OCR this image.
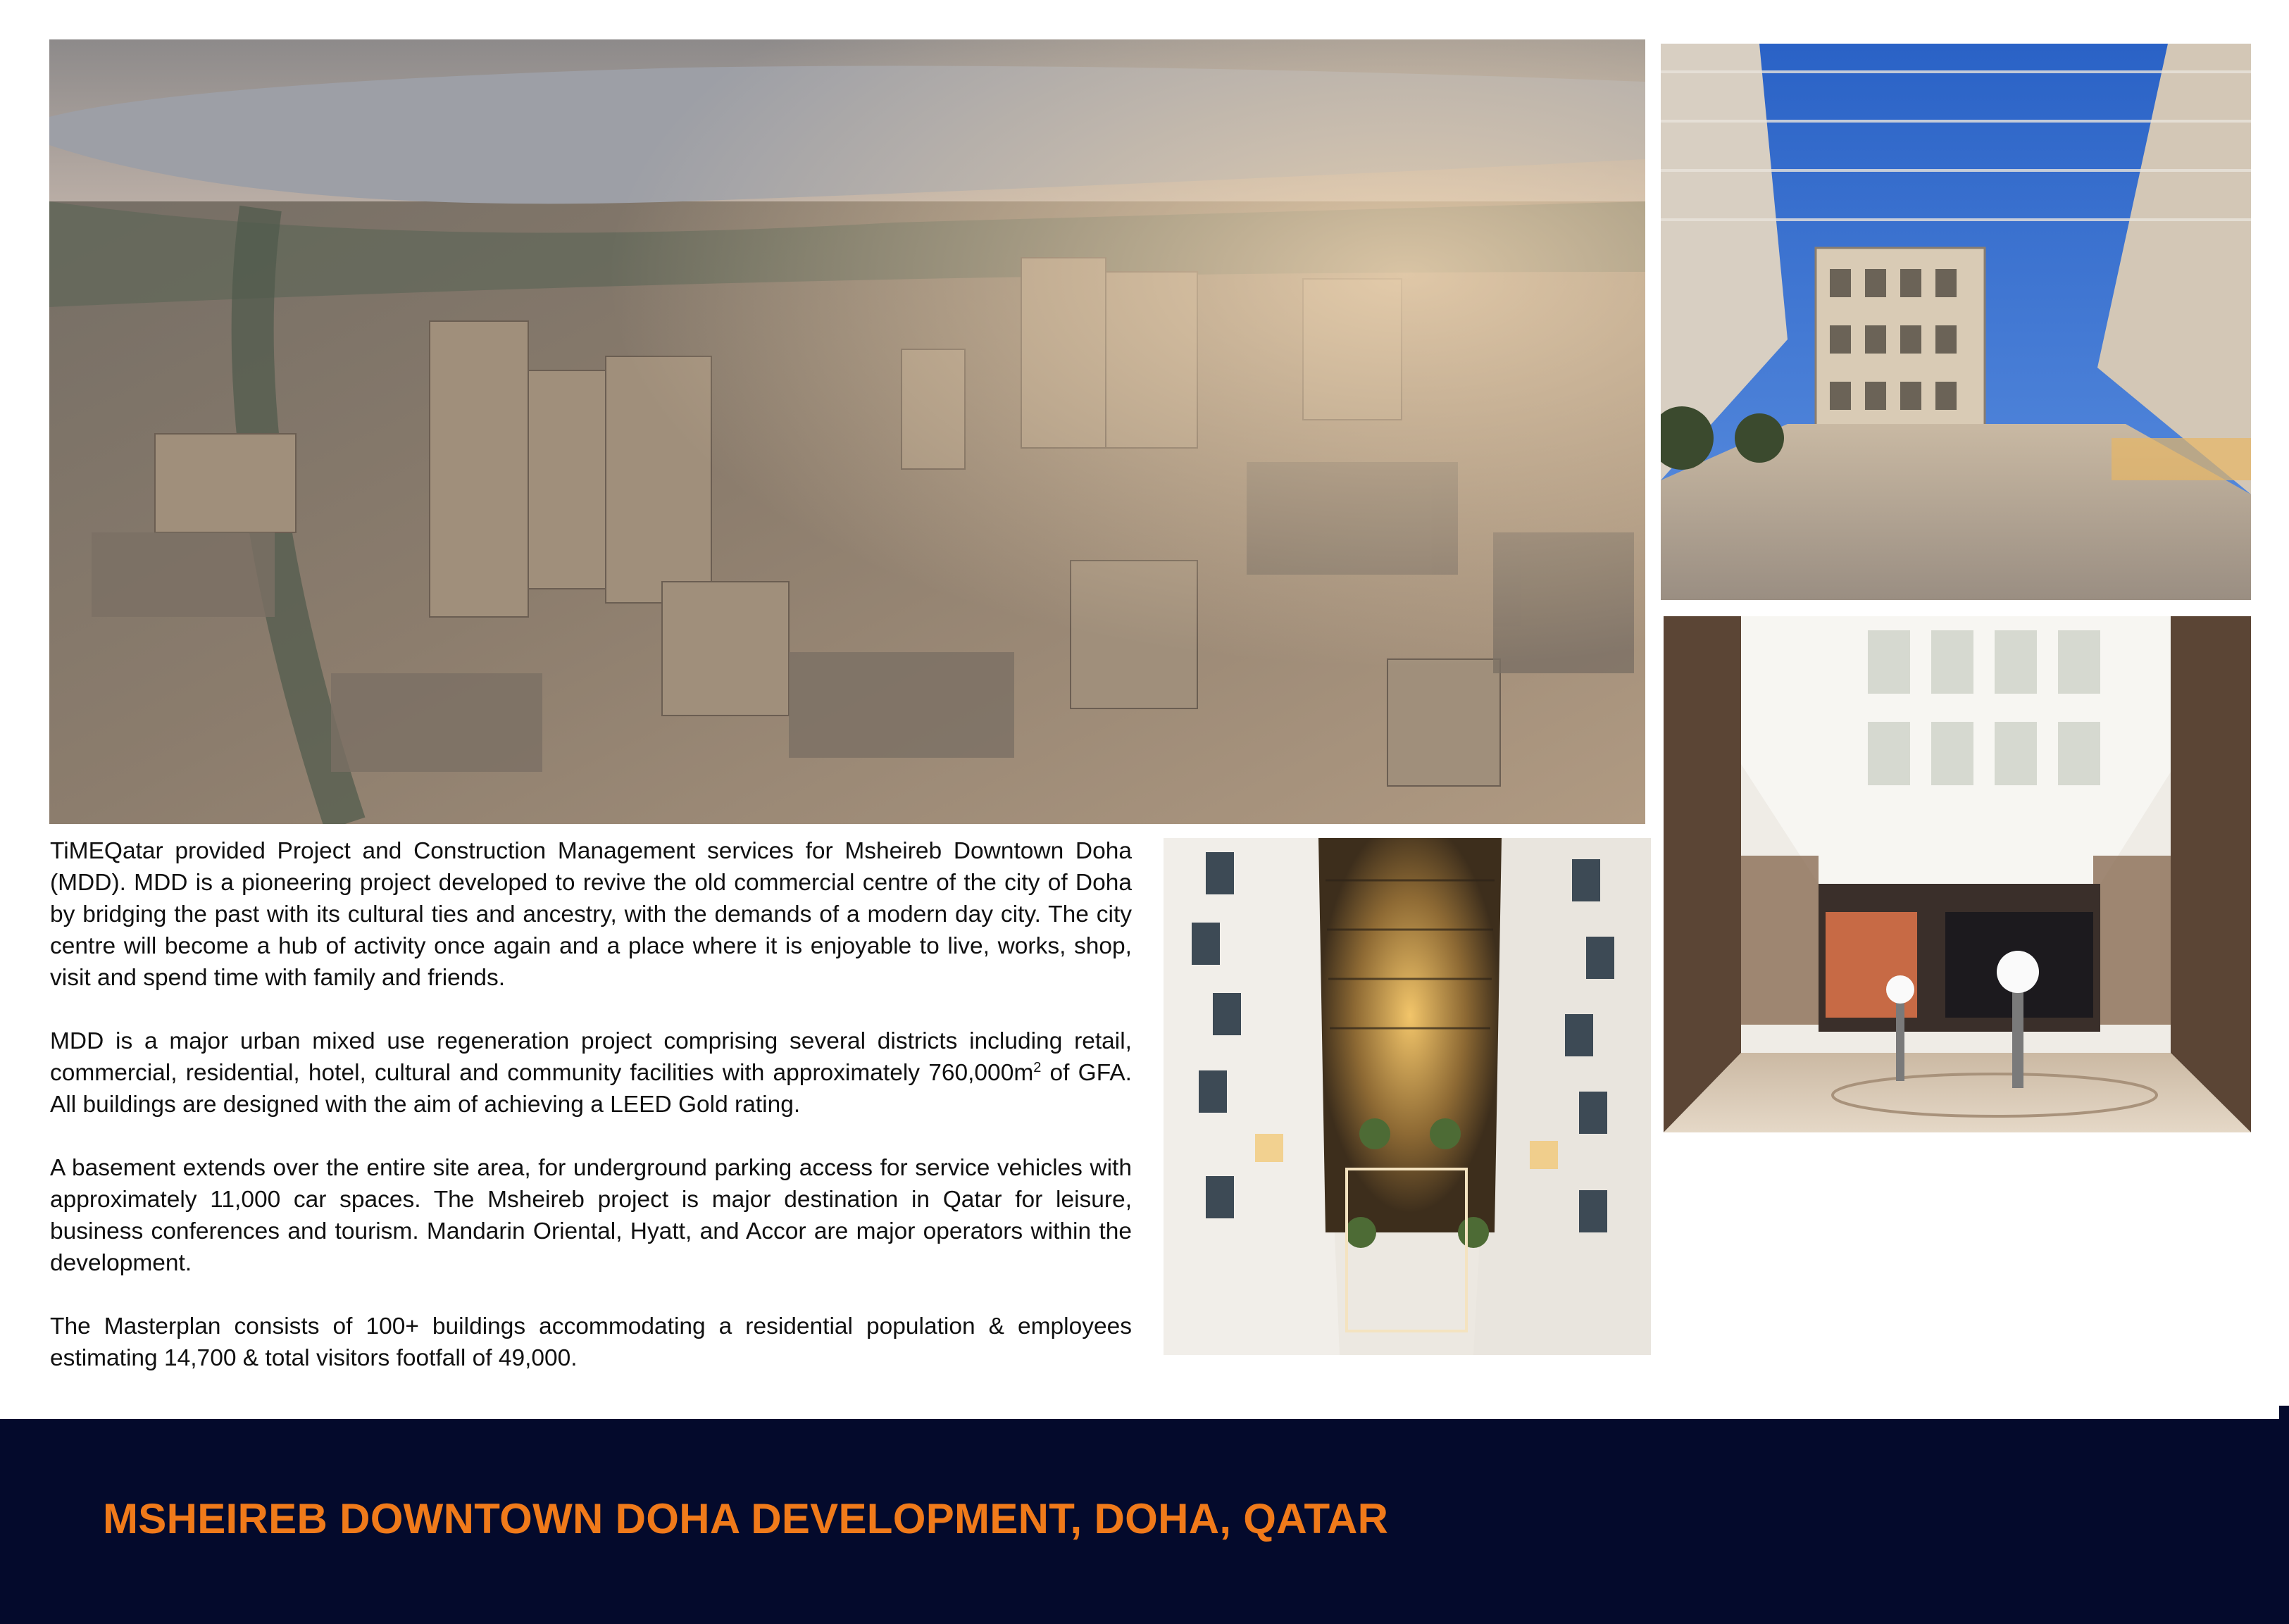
TiMEQatar provided Project and Construction Management services for Msheireb Downtown Doha (MDD). MDD is a pioneering project developed to revive the old commercial centre of the city of Doha by bridging the past with its cultural ties and ancestry, with the demands of a modern day city. The city centre will become a hub of activity once again and a place where it is enjoyable to live, works, shop, visit and spend time with family and friends.

MDD is a major urban mixed use regeneration project comprising several districts including retail, commercial, residential, hotel, cultural and community facilities with approximately $760,000m^2$ of GFA. All buildings are designed with the aim of achieving a LEED Gold rating.

A basement extends over the entire site area, for underground parking access for service vehicles with approximately 11,000 car spaces. The Msheireb project is major destination in Qatar for leisure, business conferences and tourism. Mandarin Oriental, Hyatt, and Accor are major operators within the development.

The Masterplan consists of 100+ buildings accommodating a residential population & employees estimating 14,700 & total visitors footfall of 49,000.

MSHEIREB DOWNTOWN DOHA DEVELOPMENT, DOHA, QATAR
